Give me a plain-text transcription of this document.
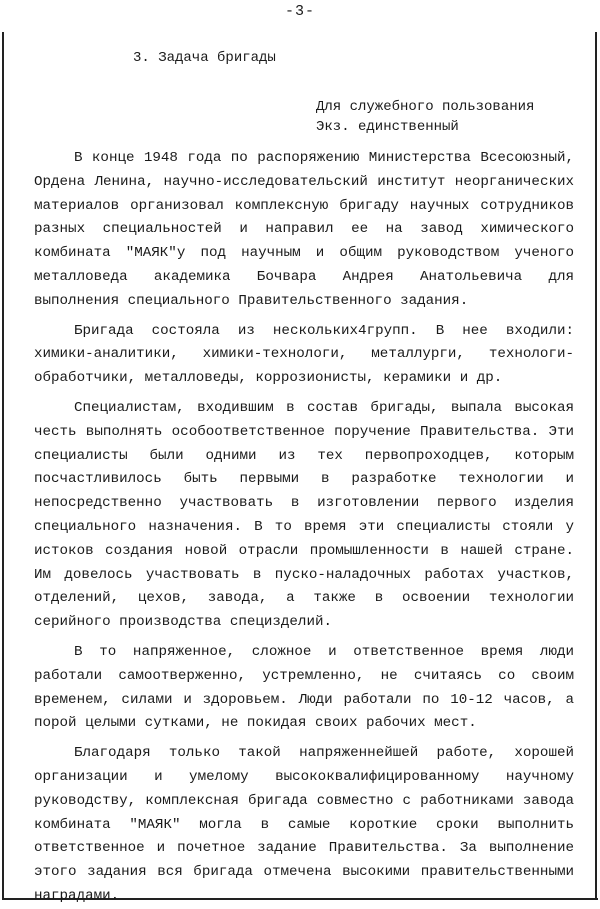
-3-
3. Задача бригады
Для служебного пользования
Экз. единственный

В конце 1948 года по распоряжению Министерства Всесоюзный, Ордена Ленина, научно-исследовательский институт неорганических материалов организовал комплексную бригаду научных сотрудников разных специальностей и направил ее на завод химического комбината "МАЯК"у под научным и общим руководством ученого металловеда академика Бочвара Андрея Анатольевича для выполнения специального Правительственного задания.

Бригада состояла из нескольких4групп. В нее входили: химики-аналитики, химики-технологи, металлурги, технологи-обработчики, металловеды, коррозионисты, керамики и др.

Специалистам, входившим в состав бригады, выпала высокая честь выполнять особоответственное поручение Правительства. Эти специалисты были одними из тех первопроходцев, которым посчастливилось быть первыми в разработке технологии и непосредственно участвовать в изготовлении первого изделия специального назначения. В то время эти специалисты стояли у истоков создания новой отрасли промышленности в нашей стране. Им довелось участвовать в пуско-наладочных работах участков, отделений, цехов, завода, а также в освоении технологии серийного производства специзделий.

В то напряженное, сложное и ответственное время люди работали самоотверженно, устремленно, не считаясь со своим временем, силами и здоровьем. Люди работали по 10-12 часов, а порой целыми сутками, не покидая своих рабочих мест.

Благодаря только такой напряженнейшей работе, хорошей организации и умелому высококвалифицированному научному руководству, комплексная бригада совместно с работниками завода комбината "МАЯК" могла в самые короткие сроки выполнить ответственное и почетное задание Правительства. За выполнение этого задания вся бригада отмечена высокими правительственными наградами.
